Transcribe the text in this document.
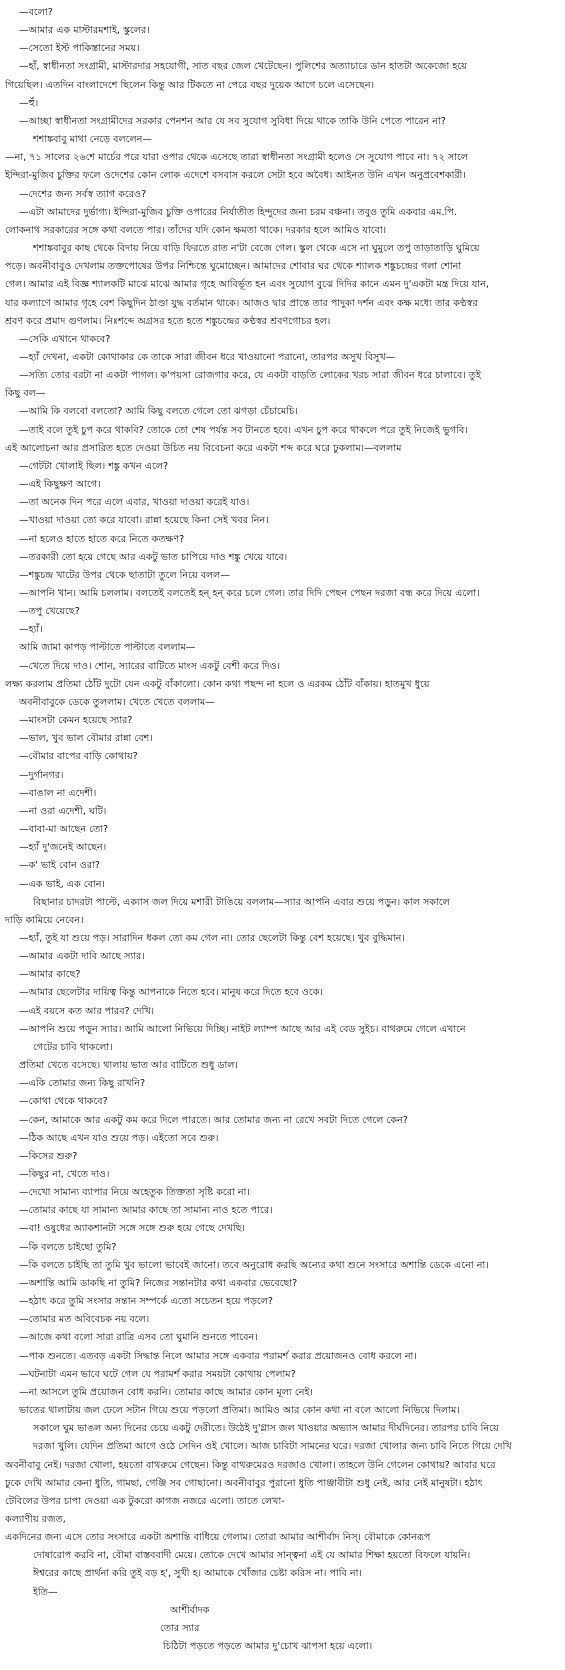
—বলো?
—আমার এক মাস্টারমশাই, স্কুলের।
—সেতো ইস্ট পাকিস্তানের সময়।
—হাঁ, স্বাধীনতা সংগ্রামী, মাস্টারদার সহযোগী, সাত বছর জেল খেটেছেন। পুলিশের অত্যাচারে ডান হাতটা অকেজো হয়ে
গিয়েছিল। এতদিন বাংলাদেশে ছিলেন কিন্তু আর টিকতে না পেরে বছর দুয়েক আগে চলে এসেছেন।
—হুঁ।
—আচ্ছা স্বাধীনতা সংগ্রামীদের সরকার পেনশন আর যে সব সুযোগ সুবিধা দিয়ে থাকে তাকি উনি পেতে পারেন না?
শশাঙ্কবাবু মাথা নেড়ে বললেন—
—না, ৭১ সালের ২৬শে মার্চের পরে যারা ওপার থেকে এসেছে তারা স্বাধীনতা সংগ্রামী হলেও সে সুযোগ পাবে না। ৭২ সালে
ইন্দিরা-মুজিব চুক্তির ফলে ওদেশের কোন লোক এদেশে বসবাস করলে সেটা হবে অবৈধ। আইনত উনি এখন অনুপ্রবেশকারী।
—দেশের জন্য সর্বস্ব ত্যাগ করেও?
—এটা আমাদের দুর্ভাগ্য। ইন্দিরা-মুজিব চুক্তি ওপারের নির্যাতীত হিন্দুদের জন্য চরম বঞ্চনা। তবুও তুমি একবার এম.পি.
লোকনাথ সরকারের সঙ্গে কথা বলতে পার। তাঁদের যদি কোন ক্ষমতা থাকে। দরকার হলে আমিও যাবো।
শশাঙ্কবাবুর কাছ থেকে বিদায় নিয়ে বাড়ি ফিরতে রাত ন'টা বেজে গেল। স্কুল থেকে এসে না ঘুমুলে তপু তাড়াতাড়ি ঘুমিয়ে
পড়ে। অবনীবাবুও দেখলাম তক্তপোষের উপর নিশ্চিন্তে ঘুমোচ্ছেন। আমাদের শোবার ঘর থেকে শ্যালক শঙ্কুচন্দ্রের গলা শোনা
গেল। আমার এই বিজ্ঞ শ্যালকটি মাঝে মাঝে আমার গৃহে আবির্ভূত হন এবং সুযোগ বুঝে দিদির কানে এমন দু'একটা মন্ত্র দিয়ে যান,
যার কল্যাণে আমার গৃহে বেশ কিছুদিন ঠাণ্ডা যুদ্ধ বর্তমান থাকে। আজও দ্বার প্রান্তে তার পাদুকা দর্শন এবং কক্ষ মধ্যে তার কণ্ঠস্বর
শ্রবণ করে প্রমাদ গুণলাম। নিঃশব্দে অগ্রসর হতে হতে শঙ্কুচন্দ্রের কণ্ঠস্বর শ্রবণগোচর হল।
—সেকি এখানে থাকবে?
—হ্যাঁ দেখনা, একটা কোথাকার কে তাকে সারা জীবন ধরে খাওয়ানো পরানো, তারপর অসুখ বিসুখ—
—সত্যি তোর বরটা না একটা পাগল। ক'পয়সা রোজগার করে, যে একটা বাড়তি লোকের খরচ সারা জীবন ধরে চালাবে। তুই
কিছু বল—
—আমি কি বলবো বলতো? আমি কিছু বলতে গেলে তো ঝগড়া চেঁচামেচি।
—তাই বলে তুই চুপ করে থাকবি? তোকে তো শেষ পর্যন্ত সব টানতে হবে। এখন চুপ করে থাকলে পরে তুই নিজেই ভুগবি।
এই আলোচনা আর প্রসারিত হতে দেওয়া উচিত নয় বিবেচনা করে একটা শব্দ করে ঘরে ঢুকলাম।—বললাম
—গেটটা খোলাই ছিল। শঙ্কু কখন এলে?
—এই কিছুক্ষণ আগে।
—তা অনেক দিন পরে এলে এবার, খাওয়া দাওয়া করেই যাও।
—খাওয়া দাওয়া তো করে যাবো। রান্না হয়েছে কিনা সেই খবর নিন।
—না হলেও হাতে হাতে করে নিতে কতক্ষণ?
—তরকারী তো হয়ে গেছে আর একটু ভাত চাপিয়ে দাও শঙ্কু খেয়ে যাবে।
—শঙ্কুচন্দ্র খাটের উপর থেকে ছাতাটা তুলে নিয়ে বলল—
—আপনি খান। আমি চললাম। বলতেই বলতেই হন্ হন্ করে চলে গেল। তার দিদি পেছন পেছন দরজা বন্ধ করে দিয়ে এলো।
—তপু খেয়েছে?
—হ্যাঁ।
আমি জামা কাপড় পাল্টাতে পাল্টাতে বললাম—
—খেতে দিয়ে দাও। শোন, স্যারের বাটিতে মাংস একটু বেশী করে দিও।
লক্ষ্য করলাম প্রতিমা ঠোঁট দুটো যেন একটু বাঁকালো। কোন কথা পছন্দ না হলে ও এরকম ঠোঁট বাঁকায়। হাতমুখ ধুয়ে
অবনীবাবুকে ডেকে তুললাম। খেতে খেতে বললাম—
—মাংসটা কেমন হয়েছে স্যার?
—ভাল, খুব ভাল বৌমার রান্না বেশ।
—বৌমার বাপের বাড়ি কোথায়?
—দুর্গানগর।
—বাঙাল না এদেশী।
—না ওরা এদেশী, ঘটি।
—বাবা-মা আছেন তো?
—হ্যাঁ দু'জনেই আছেন।
—ক' ভাই বোন ওরা?
—এক ভাই, এক বোন।
বিছানার চাদরটা পাল্টে, এক্যাস জল দিয়ে মশারী টাঙিয়ে বললাম—স্যার আপনি এবার শুয়ে পড়ুন। কাল সকালে
দাড়ি কামিয়ে নেবেন।
—হ্যাঁ, তুই যা শুয়ে পড়। সারাদিন ধকল তো কম গেল না। তোর ছেলেটা কিন্তু বেশ হয়েছে। খুব বুদ্ধিমান।
—আমার একটা দাবি আছে স্যার।
—আমার কাছে?
—আমার ছেলেটার দায়িত্ব কিন্তু আপনাকে নিতে হবে। মানুষ করে দিতে হবে ওকে।
—এই বয়সে কত আর পারব? দেখি।
—আপনি শুয়ে পড়ুন স্যার। আমি আলো নিভিয়ে দিচ্ছি। নাইট ল্যাম্প আছে আর এই বেড সুইচ। বাথরুমে গেলে এখানে
গেটের চাবি থাকলো।
প্রতিমা খেতে বসেছে। থালায় ভাত আর বাটিতে শুধু ডাল।
—একি তোমার জন্য কিছু রাখনি?
—কোথা থেকে থাকবে?
—কেন, আমাকে আর একটু কম করে দিলে পারতে। আর তোমার জন্য না রেখে সবটা দিতে গেলে কেন?
—ঠিক আছে এখন যাও শুয়ে পড়। এইতো সবে শুরু।
—কিসের শুরু?
—কিছুর না, খেতে দাও।
—দেখো সামান্য ব্যাপার নিয়ে অহেতুক তিক্ততা সৃষ্টি করো না।
—তোমার কাছে যা সামান্য আমার কাছে তা সামান্য নাও হতে পারে।
—বা! ওষুধের অ্যাকশানটা সঙ্গে সঙ্গে শুরু হয়ে গেছে দেখছি।
—কি বলতে চাইছো তুমি?
—কি বলতে চাইছি তা তুমি খুব ভালো ভাবেই জানো। তবে অনুরোধ করছি অন্যের কথা শুনে সংসারে অশান্তি ডেকে এনো না।
—অশান্তি আমি ডাকছি না তুমি? নিজের সন্তানটার কথা একবার ভেবেছো?
—হঠাৎ করে তুমি সংসার সন্তান সম্পর্কে এতো সচেতন হয়ে পড়লে?
—তোমার মত অবিবেচক নয় বলে।
—আজে কথা বলো সারা রাত্রি এসব তো ঘুমানি শুনতে পাবেন।
—পাক শুনতে। এতবড় একটা সিদ্ধান্ত নিলে আমার সঙ্গে একবার পরামর্শ করার প্রয়োজনও বোধ করলে না।
—ঘটনাটা এমন ভাবে ঘটে গেল যে পরামর্শ করার সময়টা কোথায় পেলাম?
—না আসলে তুমি প্রয়োজন বোধ করনি। তোমার কাছে আমার কোন মূল্য নেই।
ভাতের থালাটায় জল ঢেলে সটান গিয়ে শুয়ে পড়লো প্রতিমা। আমিও আর কোন কথা না বলে আলো নিভিয়ে দিলাম।
সকালে ঘুম ভাঙল অন্য দিনের চেয়ে একটু দেরীতে। উঠেই দু'গ্লাস জল খাওয়ার অভ্যাস আমার দীর্ঘদিনের। তারপর চাবি নিয়ে
দরজা খুলি। যেদিন প্রতিমা আগে ওঠে সেদিন ওই খোলে। আজ চাবিটা সামনের ঘরে। দরজা খোলার জন্য চাবি নিতে গিয়ে দেখি
অবনীবাবু নেই। দরজা খোলা, হয়তো বাথরুমে গেছেন। কিন্তু বাথরুমেরও দরজাও খোলা। তাহলে উনি গেলেন কোথায়? আবার ঘরে
ঢুকে দেখি আমার কেনা ধুতি, গামছা, গেঞ্জি সব গোছানো। অবনীবাবুর পুরানো ধুতি পাঞ্জাবীটা শুধু নেই, আর নেই মানুষটা। হঠাৎ
টেবিলের উপর চাপা দেওয়া এক টুকরো কাগজ নজরে এলো। তাতে লেখা-
কল্যাণীয় রজত,
একদিনের জন্য এসে তোর সংসারে একটা অশান্তি বাধিয়ে গেলাম। তোরা আমার আশীর্বাদ নিস্। বৌমাকে কোনরূপ
দোষারোপ করবি না, বৌমা বাস্তববাদী মেয়ে। তোকে দেখে আমার সান্ত্বনা এই যে আমার শিক্ষা হয়তো বিফলে যায়নি।
ঈশ্বরের কাছে প্রার্থনা করি তুই বড় হ', সুখী হ। আমাকে খোঁজার চেষ্টা করিস না। পাবি না।
ইতি—
আশীর্বাদক
তোর স্যার
চিঠিটা পড়তে পড়তে আমার দু'চোখ ঝাপসা হয়ে এলো।
